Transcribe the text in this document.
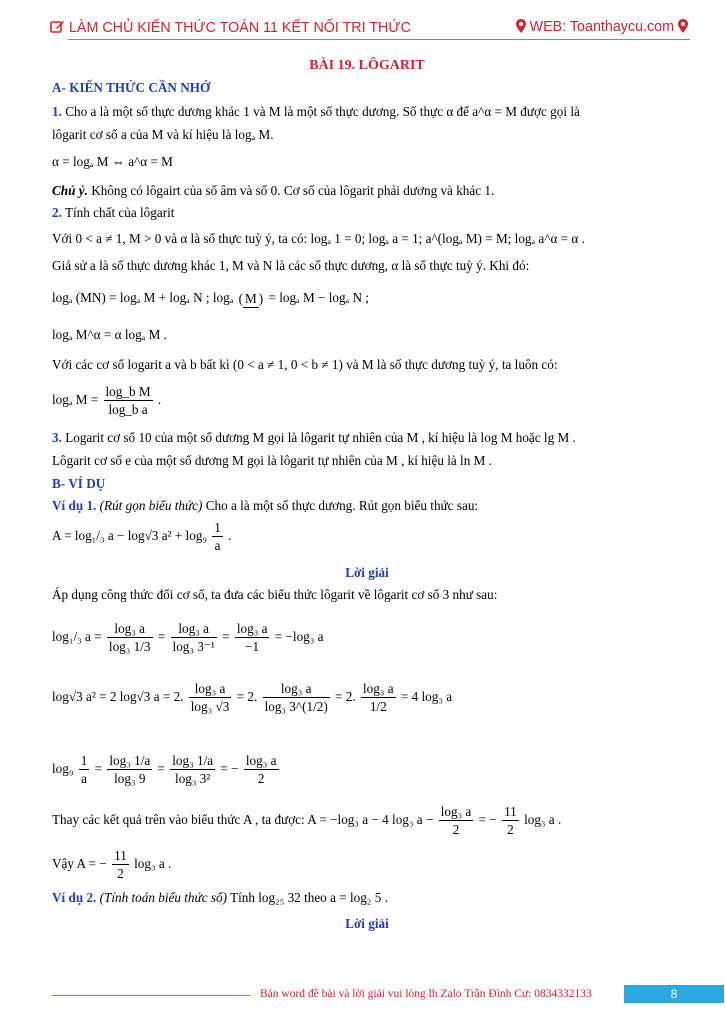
LÀM CHỦ KIẾN THỨC TOÁN 11 KẾT NỐI TRI THỨC	WEB: Toanthaycu.com
BÀI 19. LÔGARIT
A- KIẾN THỨC CẦN NHỚ
1. Cho a là một số thực dương khác 1 và M là một số thực dương. Số thực α để a^α = M được gọi là
lôgarit cơ số a của M và kí hiệu là logₐ M.
α = logₐ M ⇔ a^α = M
Chú ý. Không có lôgairt của số âm và số 0. Cơ số của lôgarit phải dương và khác 1.
2. Tính chất của lôgarit
Với 0 < a ≠ 1, M > 0 và α là số thực tuỳ ý, ta có: logₐ 1 = 0; logₐ a = 1; a^(logₐ M) = M; logₐ a^α = α .
Giả sử a là số thực dương khác 1, M và N là các số thực dương, α là số thực tuỳ ý. Khi đó:
logₐ (MN) = logₐ M + logₐ N ; logₐ ( M ) = logₐ M − logₐ N ;
logₐ M^α = α logₐ M .
Với các cơ số logarit a và b bất kì (0 < a ≠ 1, 0 < b ≠ 1) và M là số thực dương tuỳ ý, ta luôn có:
logₐ $M = \frac{\text{log\_b M}}{\text{log\_b a}}$ .
3. Logarit cơ số 10 của một số dương M gọi là lôgarit tự nhiên của M , kí hiệu là log M hoặc lg M .
Lôgarit cơ số e của một số dương M gọi là lôgarit tự nhiên của M , kí hiệu là ln M .
B- VÍ DỤ
Ví dụ 1. (Rút gọn biểu thức) Cho a là một số thực dương. Rút gọn biểu thức sau:
A = log₁/₃ a − log√3 $a^2 + \log_9 \frac{1}{a}$ .
Lời giải
Áp dụng công thức đổi cơ số, ta đưa các biểu thức lôgarit về lôgarit cơ số 3 như sau:
log₁/₃ $a = \frac{\text{log₃ a}}{\text{log₃ 1/3}} = \frac{\text{log₃ a}}{\text{log₃ 3⁻¹}} = \frac{\text{log₃ a}}{-1} = -\log_3$ a
log√3 a² = 2 log√3 a = 2. $\frac{\text{log₃ a}}{\text{log₃ √3}} = 2$. $\frac{\text{log₃ a}}{\text{log₃ 3\textasciicircum{}(1/2)}} = 2$. $\frac{\text{log₃ a}}{1/2} = 4$ log₃ a
$\log_9 \frac{1}{a} = \frac{\text{log₃ 1/a}}{\text{log₃ 9}} = \frac{\text{log₃ 1/a}}{\text{log₃ 3²}}$ = − $\frac{\text{log₃ a}}{2}$
Thay các kết quả trên vào biểu thức A , ta được: A = −log₃ a − 4 log₃ $a - \frac{\text{log₃ a}}{2}$ = − $\frac{11}{2} \log_3$ a .
Vậy A = − $\frac{11}{2} \log_3$ a .
Ví dụ 2. (Tính toán biểu thức số) Tính log₂₅ 32 theo a = log₂ 5 .
Lời giải
Bản word đề bài và lời giải vui lòng lh Zalo Trần Đình Cư: 0834332133	8
